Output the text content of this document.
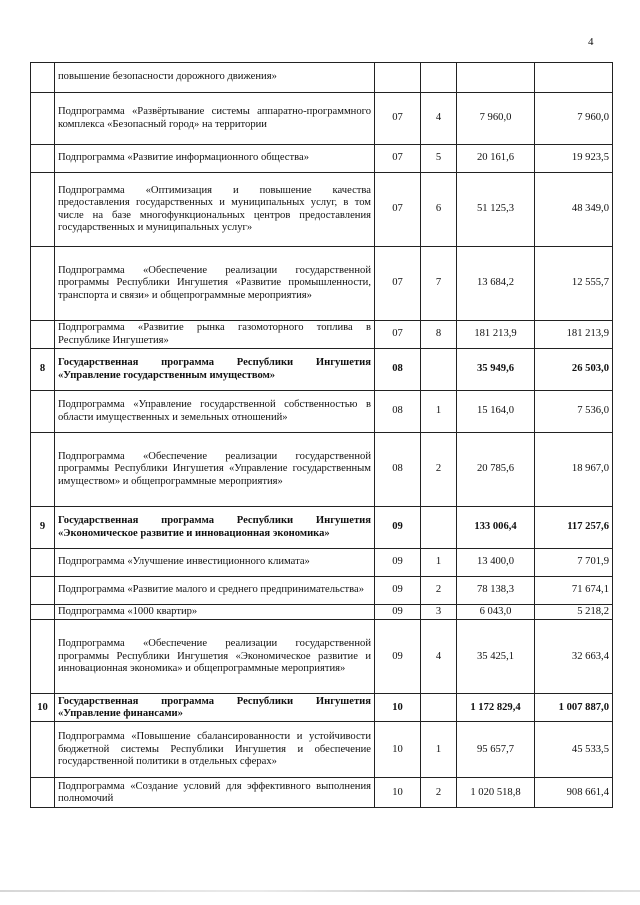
4
	повышение безопасности дорожного движения»				
	Подпрограмма «Развёртывание системы аппаратно-программного комплекса «Безопасный город» на территории	07	4	7 960,0	7 960,0
	Подпрограмма «Развитие информационного общества»	07	5	20 161,6	19 923,5
	Подпрограмма «Оптимизация и повышение качества предоставления государственных и муниципальных услуг, в том числе на базе многофункциональных центров предоставления государственных и муниципальных услуг»	07	6	51 125,3	48 349,0
	Подпрограмма «Обеспечение реализации государственной программы Республики Ингушетия «Развитие промышленности, транспорта и связи» и общепрограммные мероприятия»	07	7	13 684,2	12 555,7
	Подпрограмма «Развитие рынка газомоторного топлива в Республике Ингушетия»	07	8	181 213,9	181 213,9
8	Государственная программа Республики Ингушетия «Управление государственным имуществом»	08		35 949,6	26 503,0
	Подпрограмма «Управление государственной собственностью в области имущественных и земельных отношений»	08	1	15 164,0	7 536,0
	Подпрограмма «Обеспечение реализации государственной программы Республики Ингушетия «Управление государственным имуществом» и общепрограммные мероприятия»	08	2	20 785,6	18 967,0
9	Государственная программа Республики Ингушетия «Экономическое развитие и инновационная экономика»	09		133 006,4	117 257,6
	Подпрограмма «Улучшение инвестиционного климата»	09	1	13 400,0	7 701,9
	Подпрограмма «Развитие малого и среднего предпринимательства»	09	2	78 138,3	71 674,1
	Подпрограмма «1000 квартир»	09	3	6 043,0	5 218,2
	Подпрограмма «Обеспечение реализации государственной программы Республики Ингушетия «Экономическое развитие и инновационная экономика» и общепрограммные мероприятия»	09	4	35 425,1	32 663,4
10	Государственная программа Республики Ингушетия «Управление финансами»	10		1 172 829,4	1 007 887,0
	Подпрограмма «Повышение сбалансированности и устойчивости бюджетной системы Республики Ингушетия и обеспечение государственной политики в отдельных сферах»	10	1	95 657,7	45 533,5
	Подпрограмма «Создание условий для эффективного выполнения полномочий	10	2	1 020 518,8	908 661,4
